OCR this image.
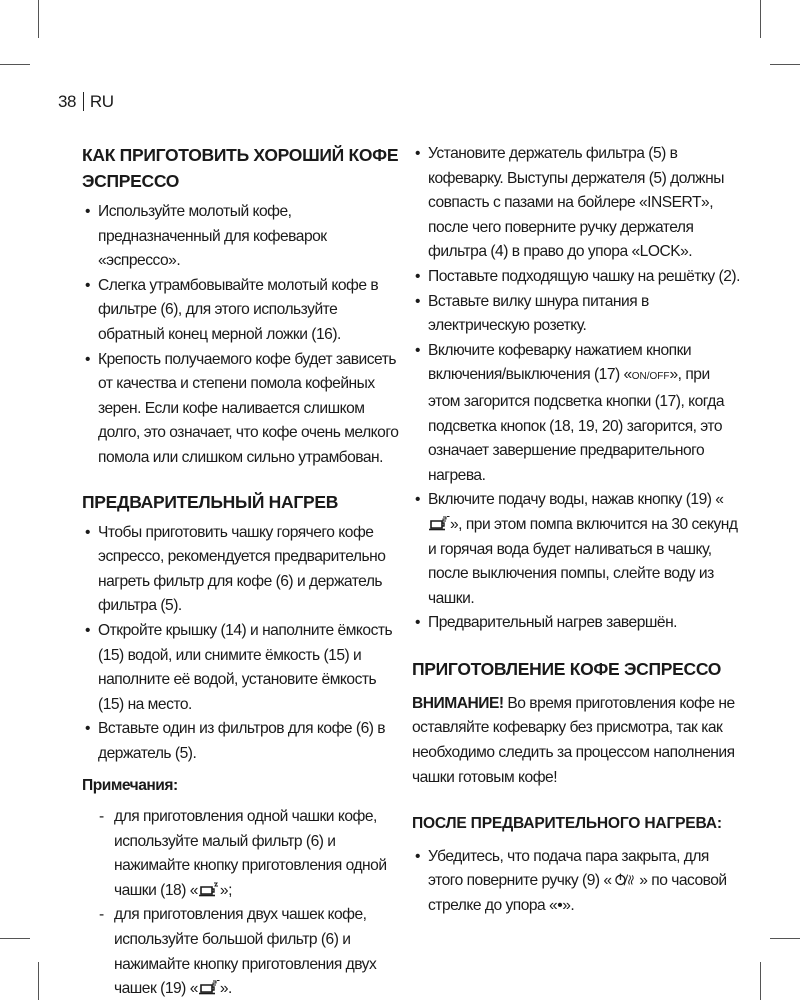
38 RU
КАК ПРИГОТОВИТЬ ХОРОШИЙ КОФЕ ЭСПРЕССО
• Используйте молотый кофе, предназначенный для кофеварок «эспрессо».
• Слегка утрамбовывайте молотый кофе в фильтре (6), для этого используйте обратный конец мерной ложки (16).
• Крепость получаемого кофе будет зависеть от качества и степени помола кофейных зерен. Если кофе наливается слишком долго, это означает, что кофе очень мелкого помола или слишком сильно утрамбован.
ПРЕДВАРИТЕЛЬНЫЙ НАГРЕВ
• Чтобы приготовить чашку горячего кофе эспрессо, рекомендуется предварительно нагреть фильтр для кофе (6) и держатель фильтра (5).
• Откройте крышку (14) и наполните ёмкость (15) водой, или снимите ёмкость (15) и наполните её водой, установите ёмкость (15) на место.
• Вставьте один из фильтров для кофе (6) в держатель (5).

Примечания:

- для приготовления одной чашки кофе, используйте малый фильтр (6) и нажимайте кнопку приготовления одной чашки (18) « »;
- для приготовления двух чашек кофе, используйте большой фильтр (6) и нажимайте кнопку приготовления двух чашек (19) « ».
• Установите держатель фильтра (5) в кофеварку. Выступы держателя (5) должны совпасть с пазами на бойлере «INSERT», после чего поверните ручку держателя фильтра (4) в право до упора «LOCK».
• Поставьте подходящую чашку на решётку (2).
• Вставьте вилку шнура питания в электрическую розетку.
• Включите кофеварку нажатием кнопки включения/выключения (17) «ON/OFF», при этом загорится подсветка кнопки (17), когда подсветка кнопок (18, 19, 20) загорится, это означает завершение предварительного нагрева.
• Включите подачу воды, нажав кнопку (19) «», при этом помпа включится на 30 секунд и горячая вода будет наливаться в чашку, после выключения помпы, слейте воду из чашки.
• Предварительный нагрев завершён.
ПРИГОТОВЛЕНИЕ КОФЕ ЭСПРЕССО

ВНИМАНИЕ! Во время приготовления кофе не оставляйте кофеварку без присмотра, так как необходимо следить за процессом наполнения чашки готовым кофе!

ПОСЛЕ ПРЕДВАРИТЕЛЬНОГО НАГРЕВА:
• Убедитесь, что подача пара закрыта, для этого поверните ручку (9) «  » по часовой стрелке до упора «•».
